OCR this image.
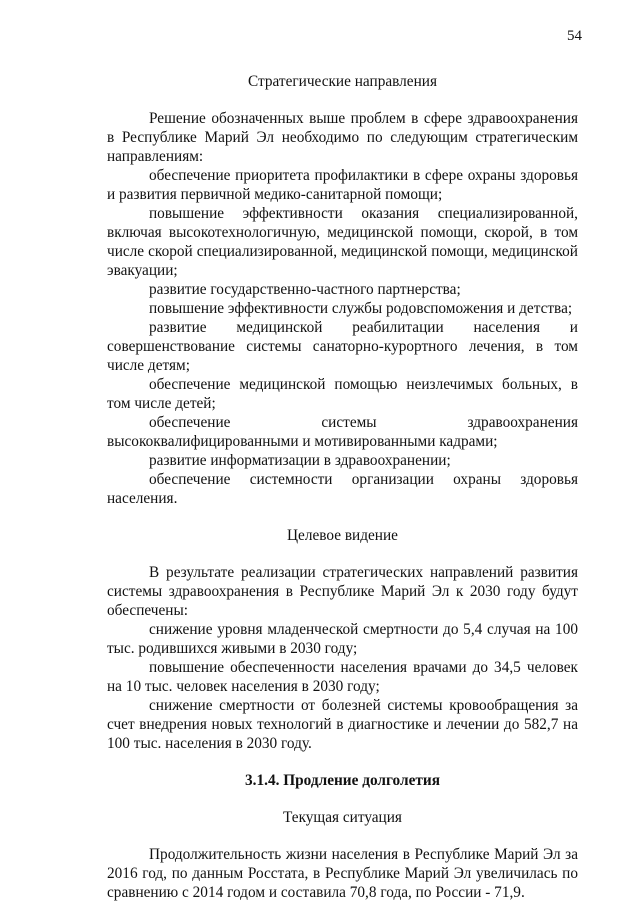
54
Стратегические направления

Решение обозначенных выше проблем в сфере здравоохранения в Республике Марий Эл необходимо по следующим стратегическим направлениям:

обеспечение приоритета профилактики в сфере охраны здоровья и развития первичной медико-санитарной помощи;

повышение эффективности оказания специализированной, включая высокотехнологичную, медицинской помощи, скорой, в том числе скорой специализированной, медицинской помощи, медицинской эвакуации;

развитие государственно-частного партнерства;

повышение эффективности службы родовспоможения и детства;

развитие медицинской реабилитации населения и совершенствование системы санаторно-курортного лечения, в том числе детям;

обеспечение медицинской помощью неизлечимых больных, в том числе детей;

обеспечение системы здравоохранения высококвалифицированными и мотивированными кадрами;

развитие информатизации в здравоохранении;

обеспечение системности организации охраны здоровья населения.

Целевое видение

В результате реализации стратегических направлений развития системы здравоохранения в Республике Марий Эл к 2030 году будут обеспечены:

снижение уровня младенческой смертности до 5,4 случая на 100 тыс. родившихся живыми в 2030 году;

повышение обеспеченности населения врачами до 34,5 человек на 10 тыс. человек населения в 2030 году;

снижение смертности от болезней системы кровообращения за счет внедрения новых технологий в диагностике и лечении до 582,7 на 100 тыс. населения в 2030 году.

3.1.4. Продление долголетия
Текущая ситуация

Продолжительность жизни населения в Республике Марий Эл за 2016 год, по данным Росстата, в Республике Марий Эл увеличилась по сравнению с 2014 годом и составила 70,8 года, по России - 71,9.
